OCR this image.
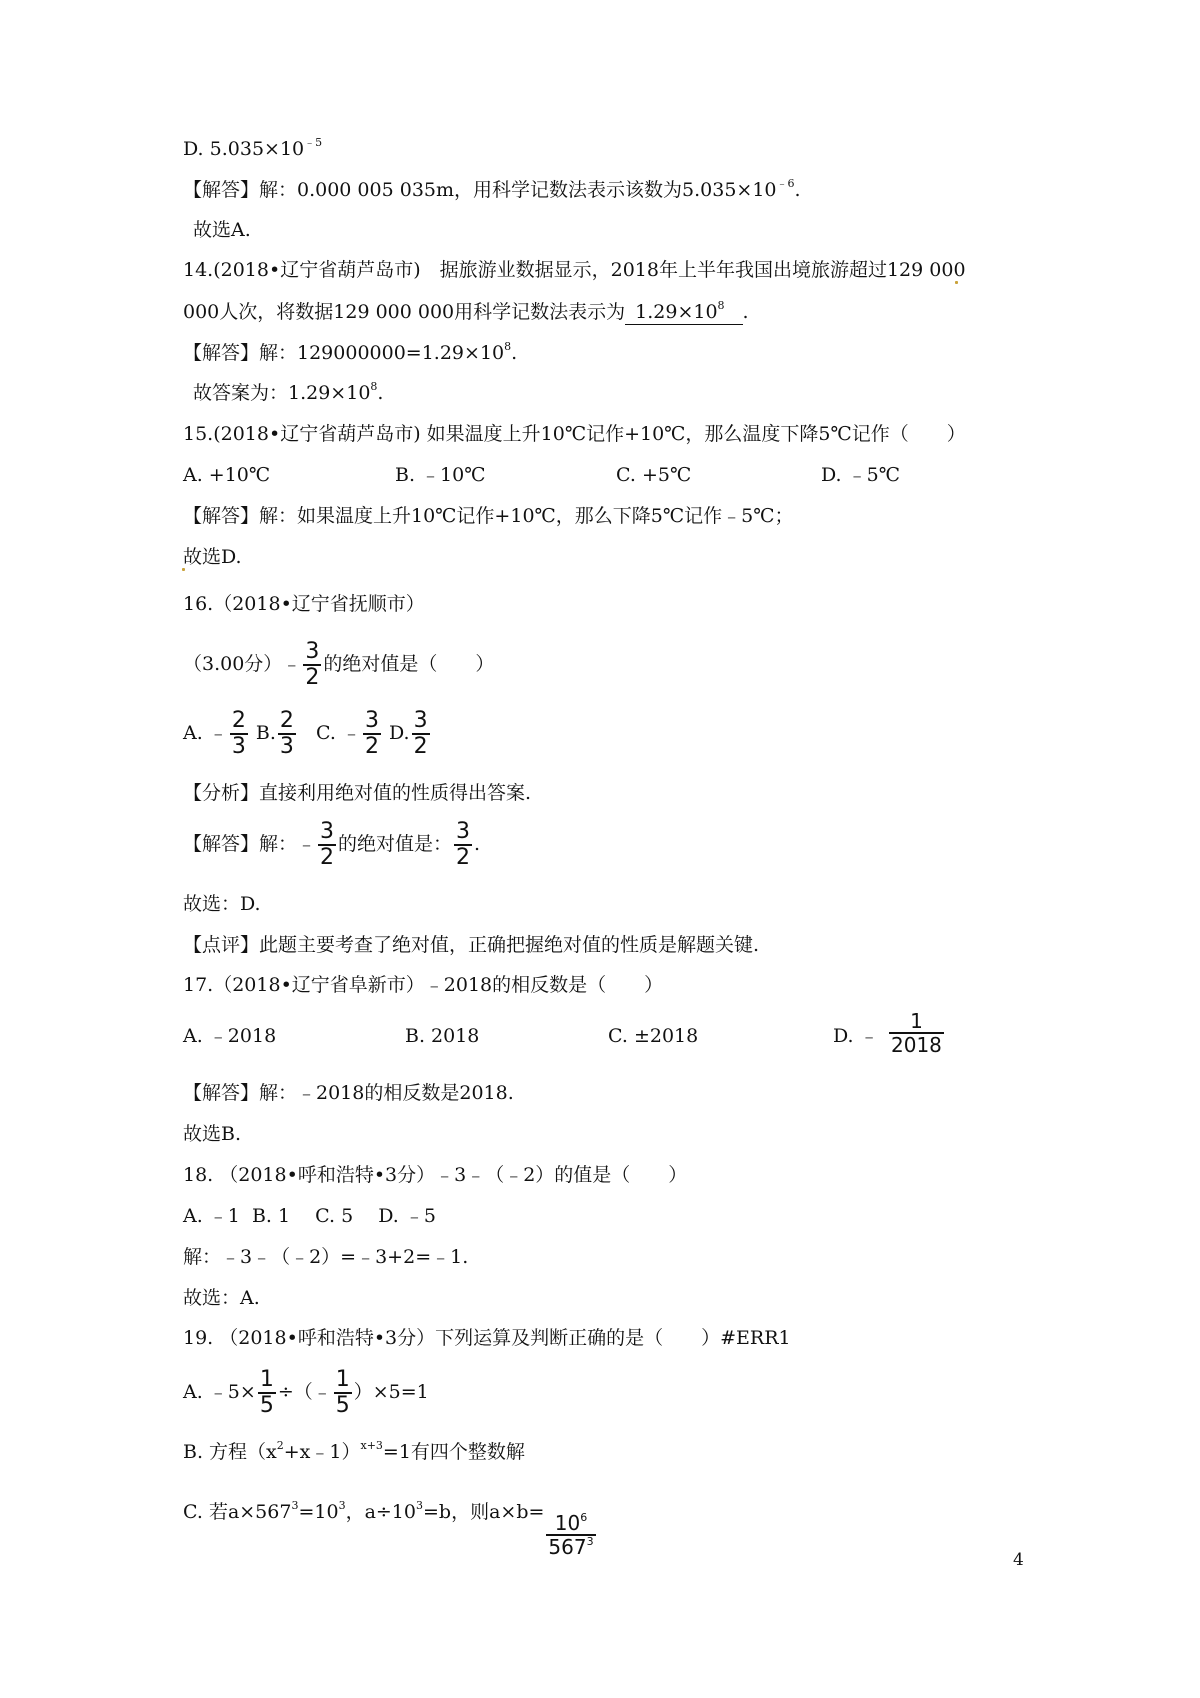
D. $5.035\times 10^{﹣5}$
【解答】解：0.000 005 035m，用科学记数法表示该数为$5.035\times 10^{﹣6}$.
故选A.
14.(2018•辽宁省葫芦岛市)　据旅游业数据显示，2018年上半年我国出境旅游超过129 000
000人次，将数据129 000 000用科学记数法表示为 $1.29\times 10^8$ .
【解答】解：$129000000=1.29\times 10^8$.
故答案为：$1.29\times 10^8$.
15.(2018•辽宁省葫芦岛市) 如果温度上升10℃记作+10℃，那么温度下降5℃记作（　　）
A. +10℃	B. ﹣10℃	C. +5℃	D. ﹣5℃
【解答】解：如果温度上升10℃记作+10℃，那么下降5℃记作﹣5℃；
故选D.
16.（2018•辽宁省抚顺市）
（3.00分）﹣ $\frac{3}{2}$ 的绝对值是（　　）
A. ﹣ $\frac{2}{3} B$. $\frac{2}{3} C$. ﹣ $\frac{3}{2} D$. $\frac{3}{2}$
【分析】直接利用绝对值的性质得出答案.
【解答】解：﹣ $\frac{3}{2}$ 的绝对值是： $\frac{3}{2}$ .
故选：D.
【点评】此题主要考查了绝对值，正确把握绝对值的性质是解题关键.
17.（2018•辽宁省阜新市）﹣2018的相反数是（　　）
A. ﹣2018	B. 2018	C. ±2018	D. ﹣ $\frac{1}{2018}$
【解答】解：﹣2018的相反数是2018.
故选B.
18. （2018•呼和浩特•3分）﹣3﹣（﹣2）的值是（　　）
A. ﹣1  B. 1　 C. 5　 D. ﹣5
解：﹣3﹣（﹣2）=﹣3+2=﹣1.
故选：A.
19. （2018•呼和浩特•3分）下列运算及判断正确的是（　　）#ERR1
A. ﹣5× $\frac{1}{5}$ ÷（﹣ $\frac{1}{5} )\times 5=1$
B. 方程$(x^2+x﹣1)^{x+3}=1$有四个整数解
C. 若$a\times 567^3=10^3$，$a\div 10^3=b$，则$a\times b= \frac{10^6}{567^3}$
4
